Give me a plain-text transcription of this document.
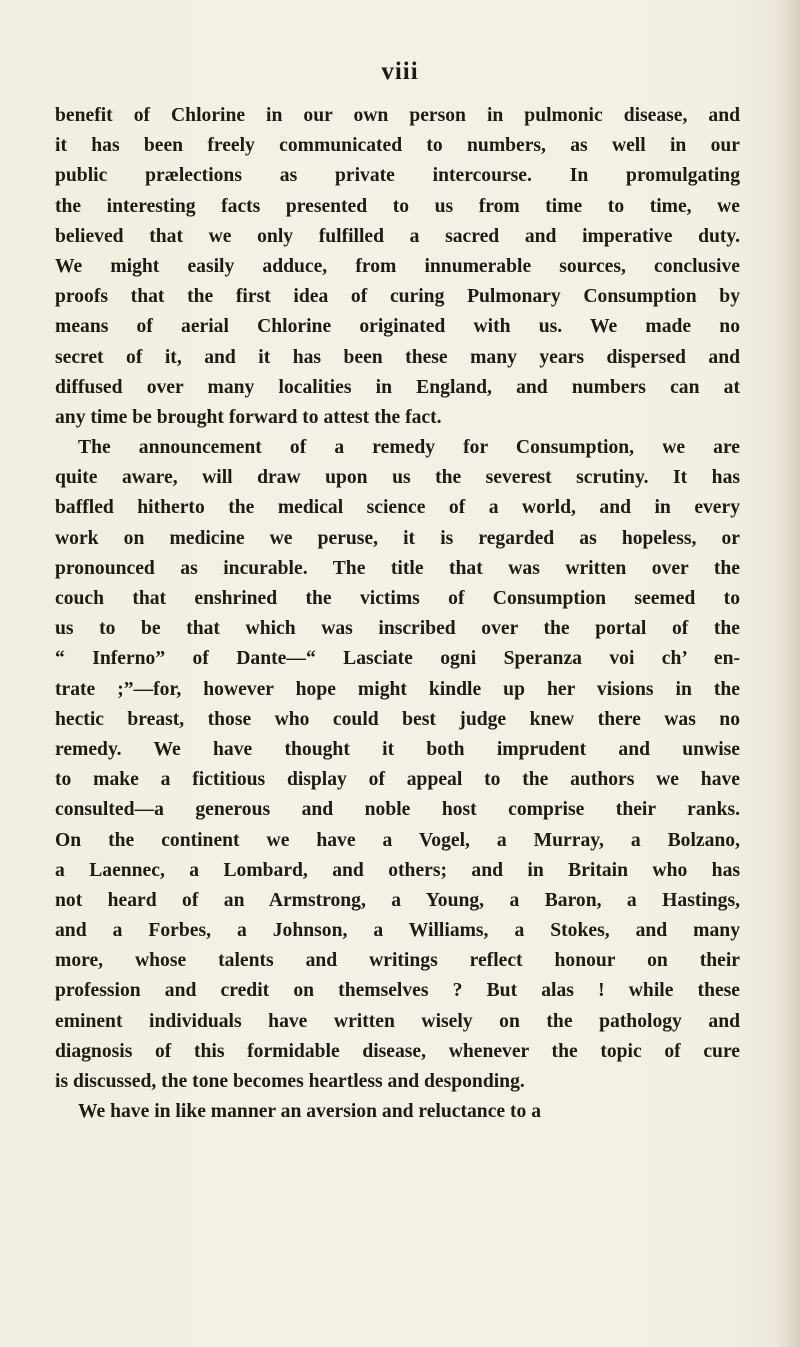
viii
benefit of Chlorine in our own person in pulmonic disease, and
it has been freely communicated to numbers, as well in our
public prælections as private intercourse. In promulgating
the interesting facts presented to us from time to time, we
believed that we only fulfilled a sacred and imperative duty.
We might easily adduce, from innumerable sources, conclusive
proofs that the first idea of curing Pulmonary Consumption by
means of aerial Chlorine originated with us. We made no
secret of it, and it has been these many years dispersed and
diffused over many localities in England, and numbers can at
any time be brought forward to attest the fact.
The announcement of a remedy for Consumption, we are
quite aware, will draw upon us the severest scrutiny. It has
baffled hitherto the medical science of a world, and in every
work on medicine we peruse, it is regarded as hopeless, or
pronounced as incurable. The title that was written over the
couch that enshrined the victims of Consumption seemed to
us to be that which was inscribed over the portal of the
“ Inferno” of Dante—“ Lasciate ogni Speranza voi ch’ en-
trate ;”—for, however hope might kindle up her visions in the
hectic breast, those who could best judge knew there was no
remedy. We have thought it both imprudent and unwise
to make a fictitious display of appeal to the authors we have
consulted—a generous and noble host comprise their ranks.
On the continent we have a Vogel, a Murray, a Bolzano,
a Laennec, a Lombard, and others; and in Britain who has
not heard of an Armstrong, a Young, a Baron, a Hastings,
and a Forbes, a Johnson, a Williams, a Stokes, and many
more, whose talents and writings reflect honour on their
profession and credit on themselves ? But alas ! while these
eminent individuals have written wisely on the pathology and
diagnosis of this formidable disease, whenever the topic of cure
is discussed, the tone becomes heartless and desponding.
We have in like manner an aversion and reluctance to a
